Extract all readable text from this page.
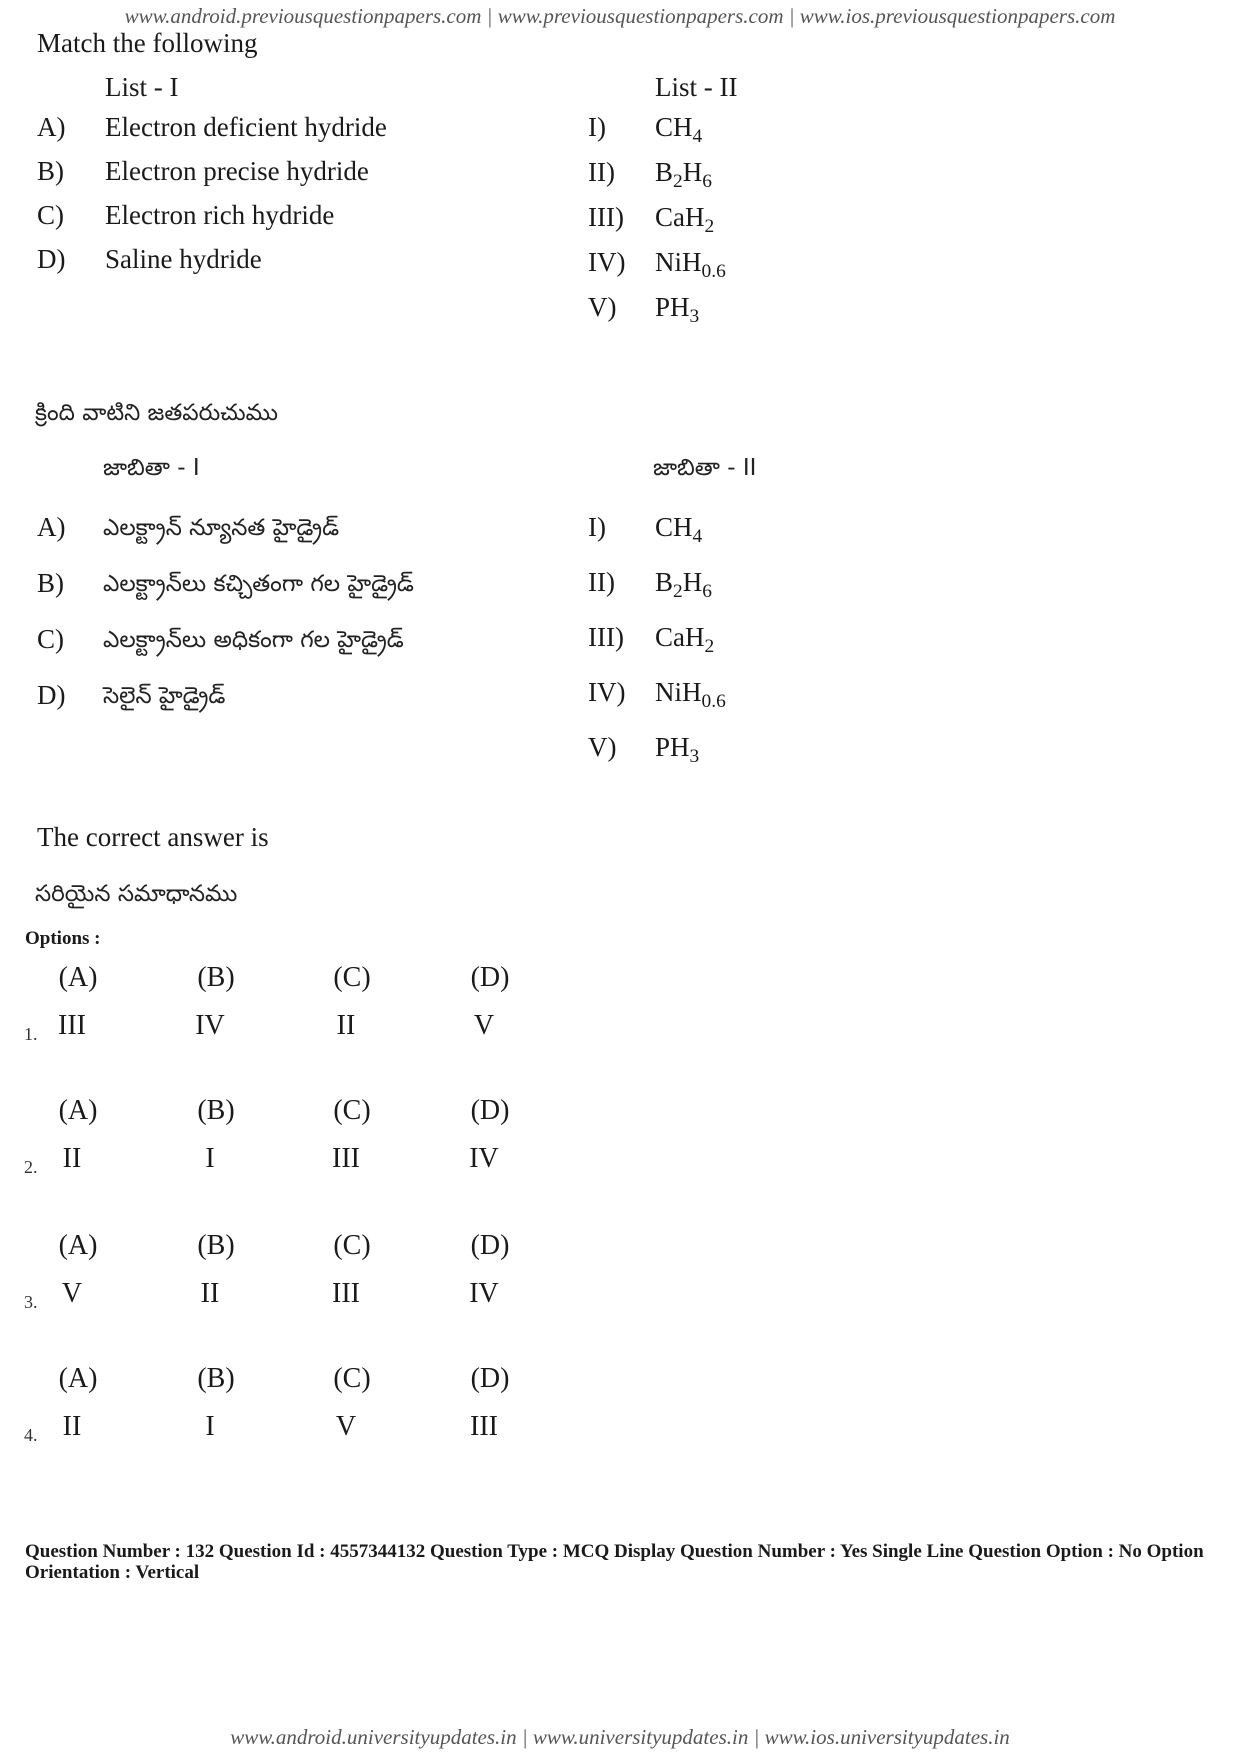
www.android.previousquestionpapers.com | www.previousquestionpapers.com | www.ios.previousquestionpapers.com
Match the following
List - I	List - II
A) Electron deficient hydride
B) Electron precise hydride
C) Electron rich hydride
D) Saline hydride
I) $CH_4$
II) $B_2H_6$
III) CaH$_2$
IV) NiH$_{0.6}$
V) $PH_3$
క్రింది వాటిని జతపరుచుము
జాబితా - I	జాబితా - II
A) ఎలక్ట్రాన్ న్యూనత హైడ్రైడ్
B) ఎలక్ట్రాన్‌లు కచ్చితంగా గల హైడ్రైడ్
C) ఎలక్ట్రాన్‌లు అధికంగా గల హైడ్రైడ్
D) సెలైన్ హైడ్రైడ్
I) $CH_4$
II) $B_2H_6$
III) CaH$_2$
IV) NiH$_{0.6}$
V) $PH_3$
The correct answer is
సరియైన సమాధానము
Options :
(A)
III
(B)
IV
(C)
II
(D)
V
1.
(A)
II
(B)
I
(C)
III
(D)
IV
2.
(A)
V
(B)
II
(C)
III
(D)
IV
3.
(A)
II
(B)
I
(C)
V
(D)
III
4.
Question Number : 132 Question Id : 4557344132 Question Type : MCQ Display Question Number : Yes Single Line Question Option : No Option Orientation : Vertical
www.android.universityupdates.in | www.universityupdates.in | www.ios.universityupdates.in
